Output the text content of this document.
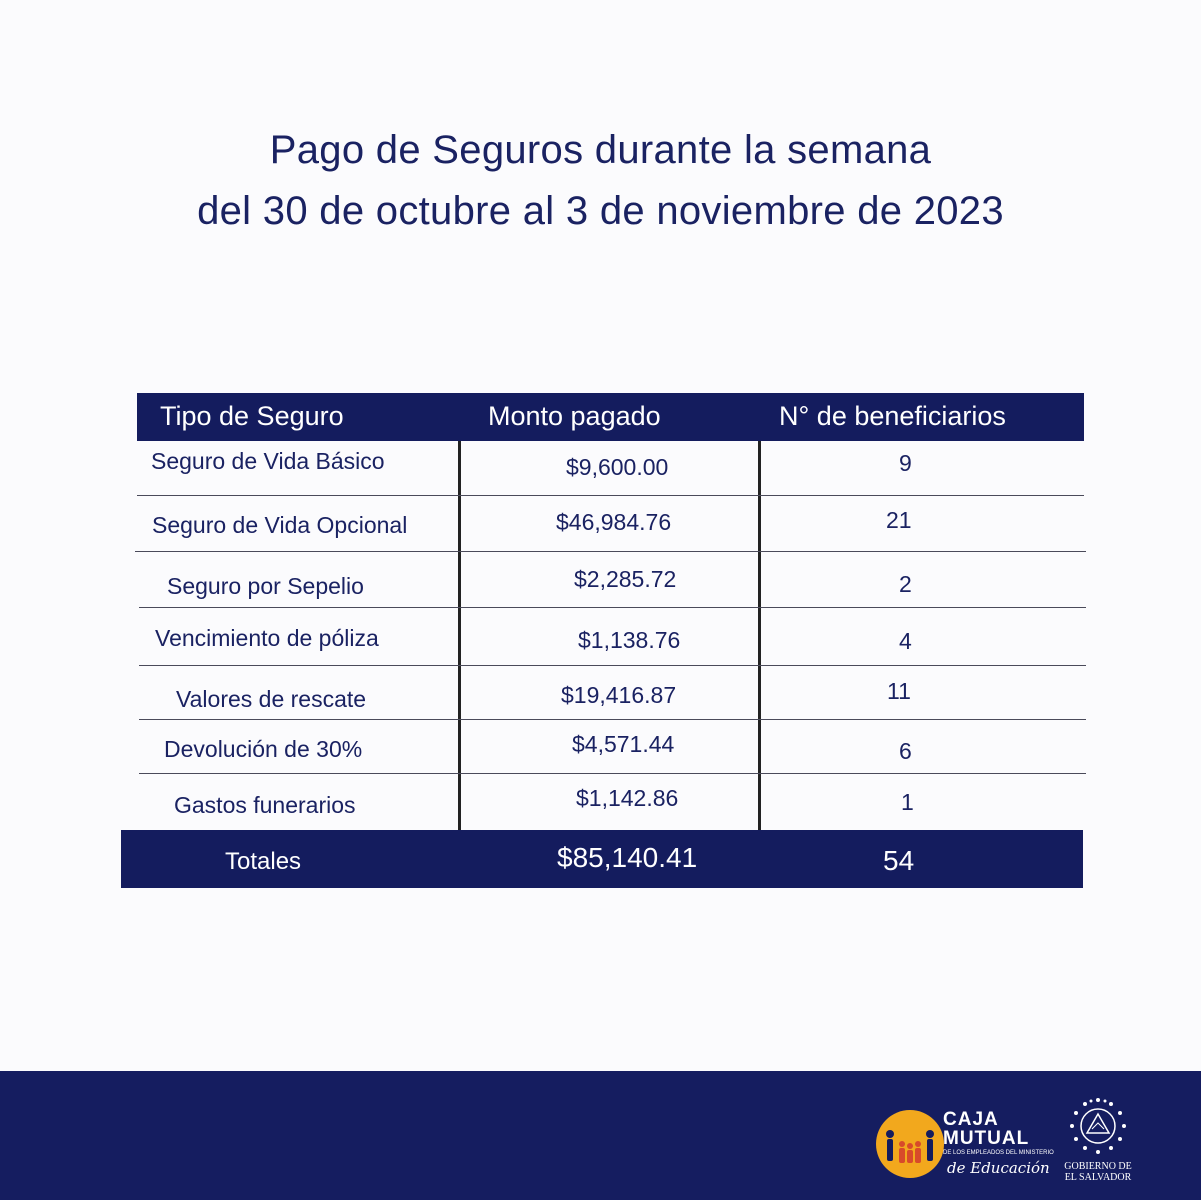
Pago de Seguros durante la semana
del 30 de octubre al 3 de noviembre de 2023
Tipo de Seguro	Monto pagado	N° de beneficiarios
Seguro de Vida Básico	$9,600.00	9
Seguro de Vida Opcional	$46,984.76	21
Seguro por Sepelio	$2,285.72	2
Vencimiento de póliza	$1,138.76	4
Valores de rescate	$19,416.87	11
Devolución de 30%	$4,571.44	6
Gastos funerarios	$1,142.86	1
Totales	$85,140.41	54
CAJA
MUTUAL
DE LOS EMPLEADOS DEL MINISTERIO
de Educación	GOBIERNO DE
EL SALVADOR
